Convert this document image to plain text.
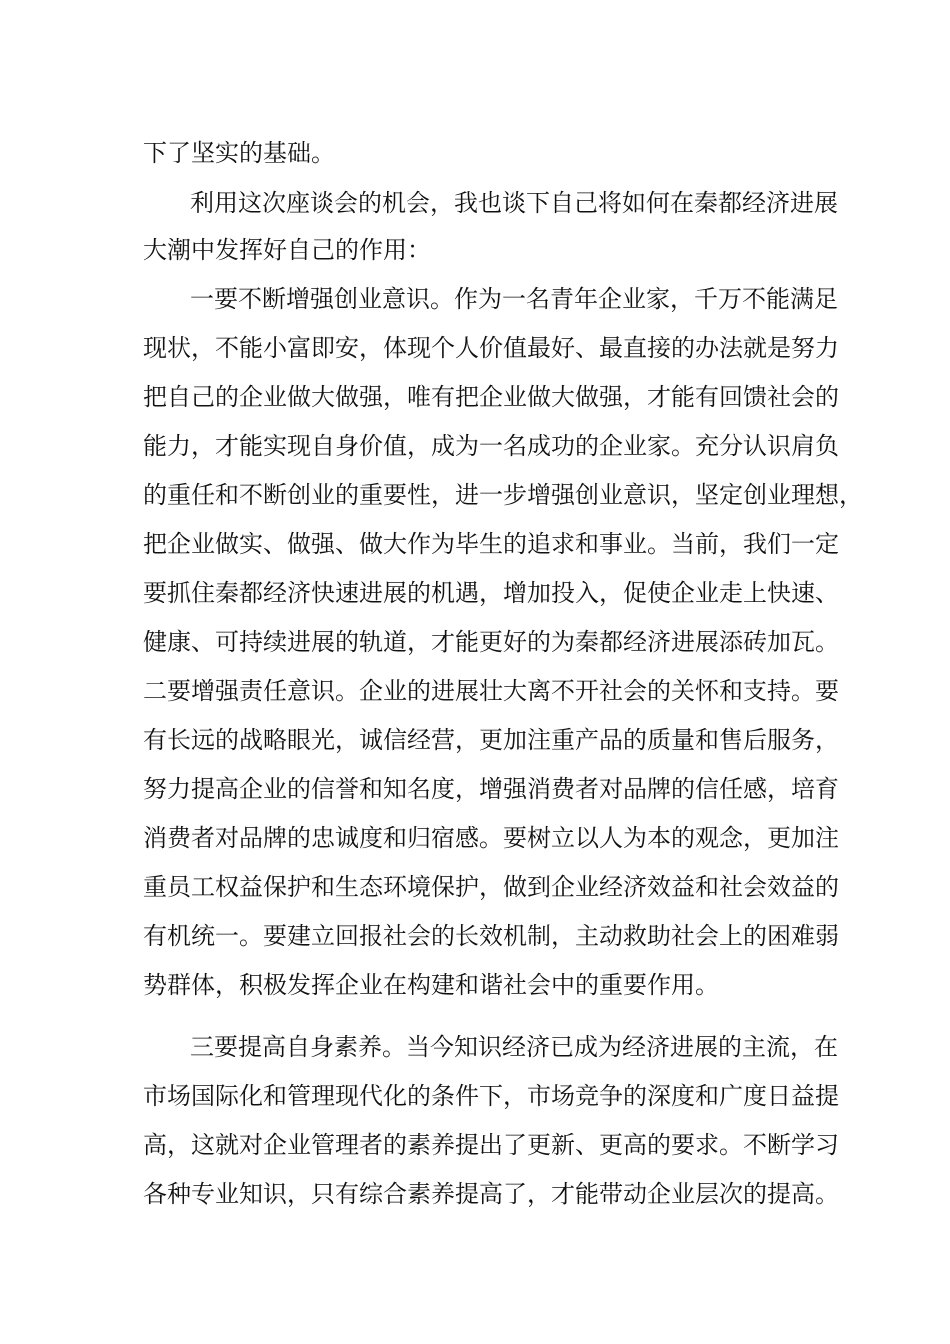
下了坚实的基础。
利用这次座谈会的机会，我也谈下自己将如何在秦都经济进展
大潮中发挥好自己的作用：
一要不断增强创业意识。作为一名青年企业家，千万不能满足
现状，不能小富即安，体现个人价值最好、最直接的办法就是努力
把自己的企业做大做强，唯有把企业做大做强，才能有回馈社会的
能力，才能实现自身价值，成为一名成功的企业家。充分认识肩负
的重任和不断创业的重要性，进一步增强创业意识，坚定创业理想，
把企业做实、做强、做大作为毕生的追求和事业。当前，我们一定
要抓住秦都经济快速进展的机遇，增加投入，促使企业走上快速、
健康、可持续进展的轨道，才能更好的为秦都经济进展添砖加瓦。
二要增强责任意识。企业的进展壮大离不开社会的关怀和支持。要
有长远的战略眼光，诚信经营，更加注重产品的质量和售后服务，
努力提高企业的信誉和知名度，增强消费者对品牌的信任感，培育
消费者对品牌的忠诚度和归宿感。要树立以人为本的观念，更加注
重员工权益保护和生态环境保护，做到企业经济效益和社会效益的
有机统一。要建立回报社会的长效机制，主动救助社会上的困难弱
势群体，积极发挥企业在构建和谐社会中的重要作用。
三要提高自身素养。当今知识经济已成为经济进展的主流，在
市场国际化和管理现代化的条件下，市场竞争的深度和广度日益提
高，这就对企业管理者的素养提出了更新、更高的要求。不断学习
各种专业知识，只有综合素养提高了，才能带动企业层次的提高。
